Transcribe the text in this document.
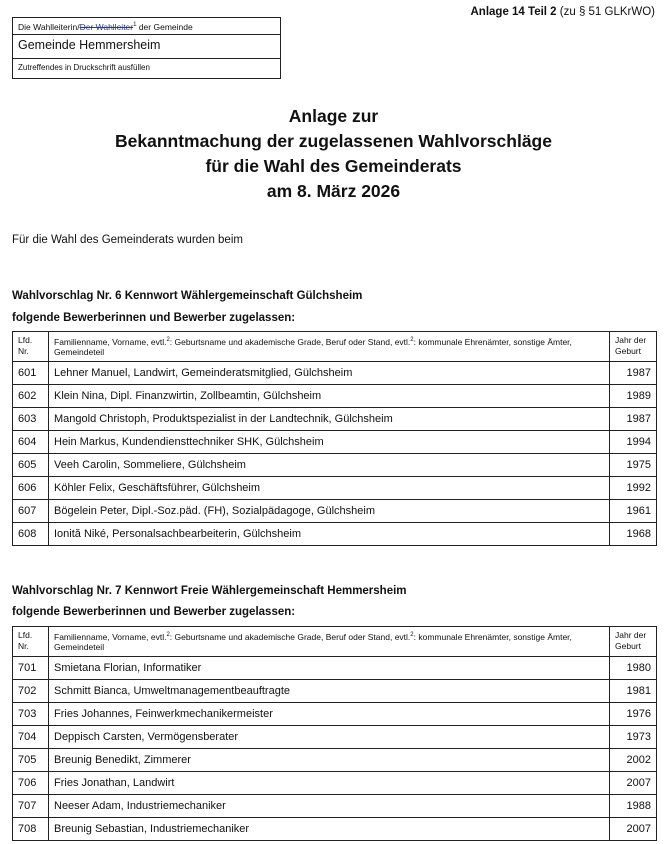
Anlage 14 Teil 2 (zu § 51 GLKrWO)
Die Wahlleiterin/Der Wahlleiter$^1$ der Gemeinde
Gemeinde Hemmersheim
Zutreffendes in Druckschrift ausfüllen
Anlage zur
Bekanntmachung der zugelassenen Wahlvorschläge
für die Wahl des Gemeinderats
am 8. März 2026
Für die Wahl des Gemeinderats wurden beim
Wahlvorschlag Nr. 6 Kennwort Wählergemeinschaft Gülchsheim
folgende Bewerberinnen und Bewerber zugelassen:
Lfd. Nr.	Familienname, Vorname, evtl.$^2$: Geburtsname und akademische Grade, Beruf oder Stand, evtl.$^2$: kommunale Ehrenämter, sonstige Ämter, Gemeindeteil	Jahr der Geburt
601	Lehner Manuel, Landwirt, Gemeinderatsmitglied, Gülchsheim	1987
602	Klein Nina, Dipl. Finanzwirtin, Zollbeamtin, Gülchsheim	1989
603	Mangold Christoph, Produktspezialist in der Landtechnik, Gülchsheim	1987
604	Hein Markus, Kundendiensttechniker SHK, Gülchsheim	1994
605	Veeh Carolin, Sommeliere, Gülchsheim	1975
606	Köhler Felix, Geschäftsführer, Gülchsheim	1992
607	Bögelein Peter, Dipl.-Soz.päd. (FH), Sozialpädagoge, Gülchsheim	1961
608	Ionită Niké, Personalsachbearbeiterin, Gülchsheim	1968
Wahlvorschlag Nr. 7 Kennwort Freie Wählergemeinschaft Hemmersheim
folgende Bewerberinnen und Bewerber zugelassen:
Lfd. Nr.	Familienname, Vorname, evtl.$^2$: Geburtsname und akademische Grade, Beruf oder Stand, evtl.$^2$: kommunale Ehrenämter, sonstige Ämter, Gemeindeteil	Jahr der Geburt
701	Smietana Florian, Informatiker	1980
702	Schmitt Bianca, Umweltmanagementbeauftragte	1981
703	Fries Johannes, Feinwerkmechanikermeister	1976
704	Deppisch Carsten, Vermögensberater	1973
705	Breunig Benedikt, Zimmerer	2002
706	Fries Jonathan, Landwirt	2007
707	Neeser Adam, Industriemechaniker	1988
708	Breunig Sebastian, Industriemechaniker	2007
